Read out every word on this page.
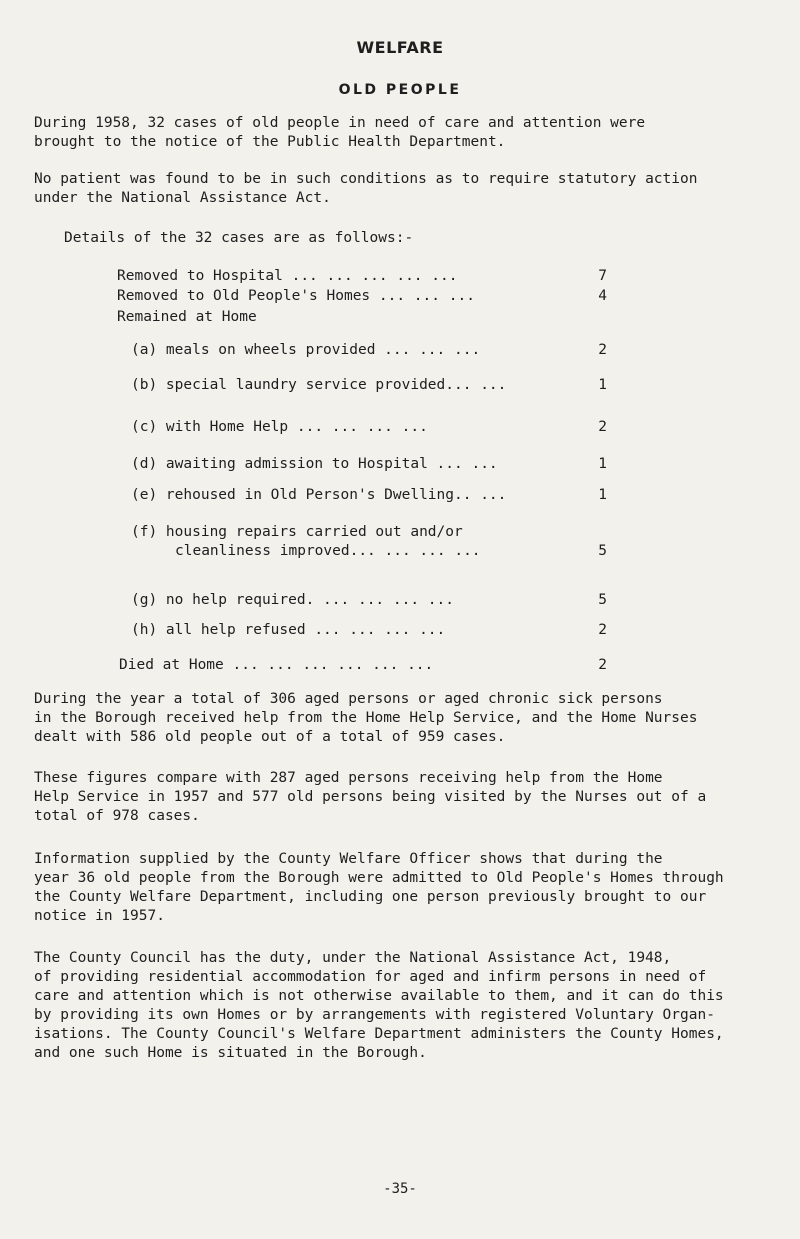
WELFARE
OLD PEOPLE

During 1958, 32 cases of old people in need of care and attention were
brought to the notice of the Public Health Department.

No patient was found to be in such conditions as to require statutory action
under the National Assistance Act.

Details of the 32 cases are as follows:-

Removed to Hospital ... ... ... ... ...	7
Removed to Old People's Homes ... ... ...	4
Remained at Home
(a) meals on wheels provided ... ... ...	2
(b) special laundry service provided... ...	1
(c) with Home Help ... ... ... ...	2
(d) awaiting admission to Hospital ... ...	1
(e) rehoused in Old Person's Dwelling.. ...	1
(f) housing repairs carried out and/or
cleanliness improved... ... ... ...	5
(g) no help required. ... ... ... ...	5
(h) all help refused ... ... ... ...	2
Died at Home ... ... ... ... ... ...	2

During the year a total of 306 aged persons or aged chronic sick persons
in the Borough received help from the Home Help Service, and the Home Nurses
dealt with 586 old people out of a total of 959 cases.

These figures compare with 287 aged persons receiving help from the Home
Help Service in 1957 and 577 old persons being visited by the Nurses out of a
total of 978 cases.

Information supplied by the County Welfare Officer shows that during the
year 36 old people from the Borough were admitted to Old People's Homes through
the County Welfare Department, including one person previously brought to our
notice in 1957.

The County Council has the duty, under the National Assistance Act, 1948,
of providing residential accommodation for aged and infirm persons in need of
care and attention which is not otherwise available to them, and it can do this
by providing its own Homes or by arrangements with registered Voluntary Organ-
isations. The County Council's Welfare Department administers the County Homes,
and one such Home is situated in the Borough.

-35-
